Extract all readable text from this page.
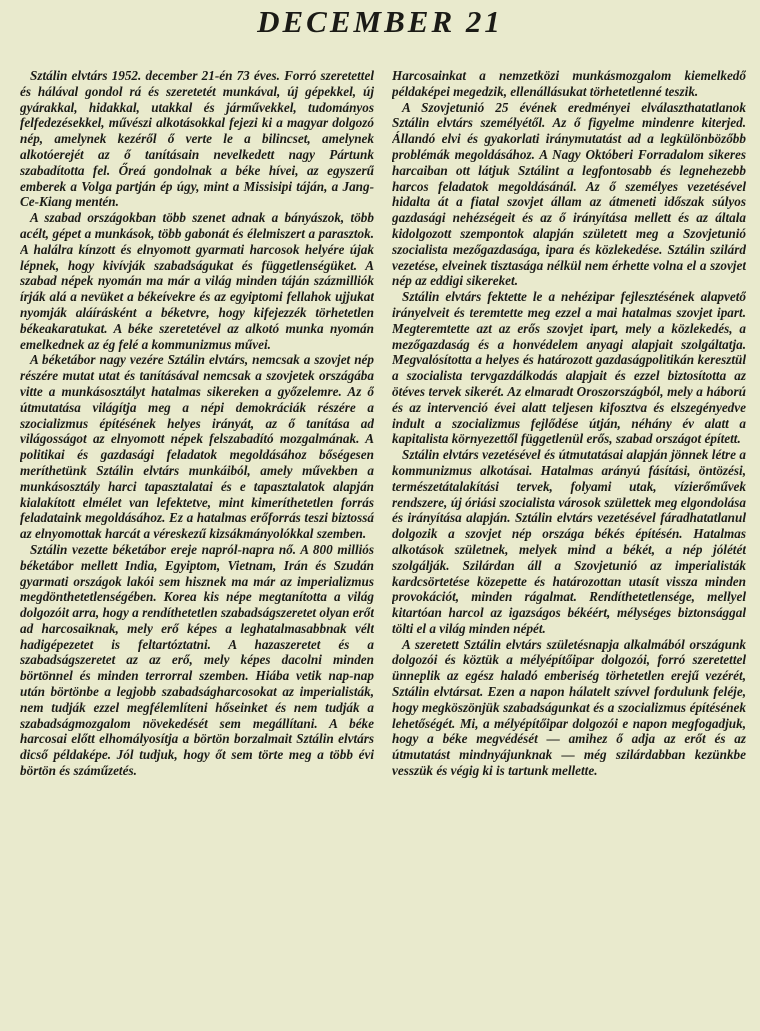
DECEMBER 21

Sztálin elvtárs 1952. december 21-én 73 éves. Forró szeretettel és hálával gondol rá és szeretetét munkával, új gépekkel, új gyárakkal, hidakkal, utakkal és járművekkel, tudományos felfedezésekkel, művészi alkotásokkal fejezi ki a magyar dolgozó nép, amelynek kezéről ő verte le a bilincset, amelynek alkotóerejét az ő tanításain nevelkedett nagy Pártunk szabadította fel. Őreá gondolnak a béke hívei, az egyszerű emberek a Volga partján ép úgy, mint a Missisipi táján, a Jang-Ce-Kiang mentén.

A szabad országokban több szenet adnak a bányászok, több acélt, gépet a munkások, több gabonát és élelmiszert a parasztok. A halálra kínzott és elnyomott gyarmati harcosok helyére újak lépnek, hogy kivívják szabadságukat és függetlenségüket. A szabad népek nyomán ma már a világ minden táján százmilliók írják alá a nevüket a békeívekre és az egyiptomi fellahok ujjukat nyomják aláírásként a béketvre, hogy kifejezzék törhetetlen békeakaratukat. A béke szeretetével az alkotó munka nyomán emelkednek az ég felé a kommunizmus művei.

A béketábor nagy vezére Sztálin elvtárs, nemcsak a szovjet nép részére mutat utat és tanításával nemcsak a szovjetek országába vitte a munkásosztályt hatalmas sikereken a győzelemre. Az ő útmutatása világítja meg a népi demokráciák részére a szocializmus építésének helyes irányát, az ő tanítása ad világosságot az elnyomott népek felszabadító mozgalmának. A politikai és gazdasági feladatok megoldásához bőségesen meríthetünk Sztálin elvtárs munkáiból, amely művekben a munkásosztály harci tapasztalatai és e tapasztalatok alapján kialakított elmélet van lefektetve, mint kimeríthetetlen forrás feladataink megoldásához. Ez a hatalmas erőforrás teszi biztossá az elnyomottak harcát a véreskezű kizsákmányolókkal szemben.

Sztálin vezette béketábor ereje napról-napra nő. A 800 milliós béketábor mellett India, Egyiptom, Vietnam, Irán és Szudán gyarmati országok lakói sem hisznek ma már az imperializmus megdönthetetlenségében. Korea kis népe megtanította a világ dolgozóit arra, hogy a rendíthetetlen szabadságszeretet olyan erőt ad harcosaiknak, mely erő képes a leghatalmasabbnak vélt hadigépezetet is feltartóztatni. A hazaszeretet és a szabadságszeretet az az erő, mely képes dacolni minden börtönnel és minden terrorral szemben. Hiába vetik nap-nap után börtönbe a legjobb szabadságharcosokat az imperialisták, nem tudják ezzel megfélemlíteni hőseinket és nem tudják a szabadságmozgalom növekedését sem megállítani. A béke harcosai előtt elhomályosítja a börtön borzalmait Sztálin elvtárs dicső példaképe. Jól tudjuk, hogy őt sem törte meg a több évi börtön és száműzetés.

Harcosainkat a nemzetközi munkásmozgalom kiemelkedő példaképei megedzik, ellenállásukat törhetetlenné teszik.

A Szovjetunió 25 évének eredményei elválaszthatatlanok Sztálin elvtárs személyétől. Az ő figyelme mindenre kiterjed. Állandó elvi és gyakorlati iránymutatást ad a legkülönbözőbb problémák megoldásához. A Nagy Októberi Forradalom sikeres harcaiban ott látjuk Sztálint a legfontosabb és legnehezebb harcos feladatok megoldásánál. Az ő személyes vezetésével hidalta át a fiatal szovjet állam az átmeneti időszak súlyos gazdasági nehézségeit és az ő irányítása mellett és az általa kidolgozott szempontok alapján született meg a Szovjetunió szocialista mezőgazdasága, ipara és közlekedése. Sztálin szilárd vezetése, elveinek tisztasága nélkül nem érhette volna el a szovjet nép az eddigi sikereket.

Sztálin elvtárs fektette le a nehézipar fejlesztésének alapvető irányelveit és teremtette meg ezzel a mai hatalmas szovjet ipart. Megteremtette azt az erős szovjet ipart, mely a közlekedés, a mezőgazdaság és a honvédelem anyagi alapjait szolgáltatja. Megvalósította a helyes és határozott gazdaságpolitikán keresztül a szocialista tervgazdálkodás alapjait és ezzel biztosította az ötéves tervek sikerét. Az elmaradt Oroszországból, mely a háború és az intervenció évei alatt teljesen kifosztva és elszegényedve indult a szocializmus fejlődése útján, néhány év alatt a kapitalista környezettől függetlenül erős, szabad országot épített.

Sztálin elvtárs vezetésével és útmutatásai alapján jönnek létre a kommunizmus alkotásai. Hatalmas arányú fásítási, öntözési, természetátalakítási tervek, folyami utak, vízierőművek rendszere, új óriási szocialista városok születtek meg elgondolása és irányítása alapján. Sztálin elvtárs vezetésével fáradhatatlanul dolgozik a szovjet nép országa békés építésén. Hatalmas alkotások születnek, melyek mind a békét, a nép jólétét szolgálják. Szilárdan áll a Szovjetunió az imperialisták kardcsörtetése közepette és határozottan utasít vissza minden provokációt, minden rágalmat. Rendíthetetlensége, mellyel kitartóan harcol az igazságos békéért, mélységes biztonsággal tölti el a világ minden népét.

A szeretett Sztálin elvtárs születésnapja alkalmából országunk dolgozói és köztük a mélyépítőipar dolgozói, forró szeretettel ünneplik az egész haladó emberiség törhetetlen erejű vezérét, Sztálin elvtársat. Ezen a napon hálatelt szívvel fordulunk feléje, hogy megköszönjük szabadságunkat és a szocializmus építésének lehetőségét. Mi, a mélyépítőipar dolgozói e napon megfogadjuk, hogy a béke megvédését — amihez ő adja az erőt és az útmutatást mindnyájunknak — még szilárdabban kezünkbe vesszük és végig ki is tartunk mellette.
